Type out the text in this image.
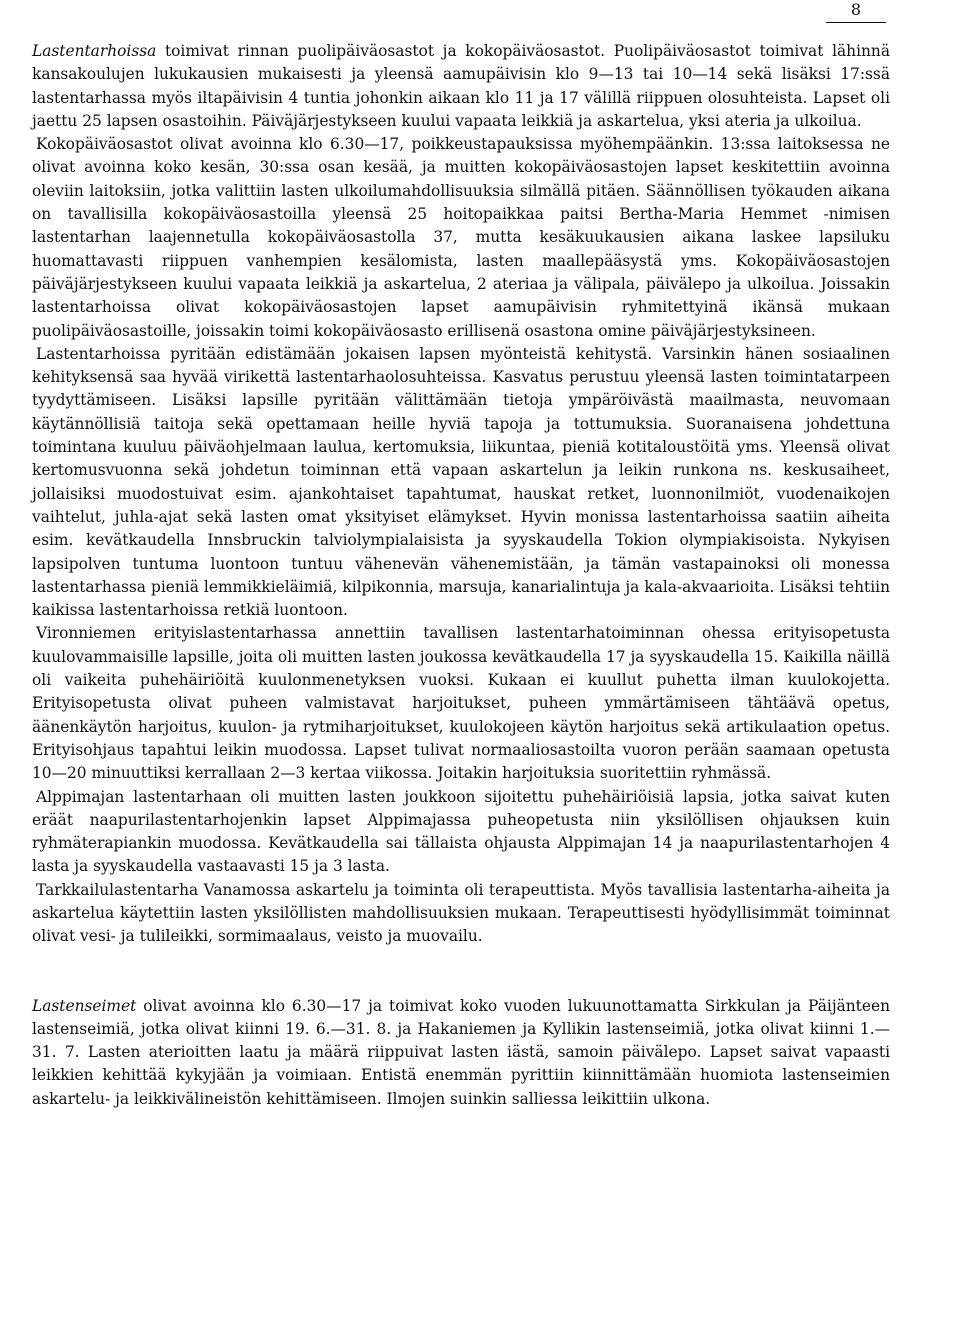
8

Lastentarhoissa toimivat rinnan puolipäiväosastot ja kokopäiväosastot. Puolipäiväosastot toimivat lähinnä kansakoulujen lukukausien mukaisesti ja yleensä aamupäivisin klo 9—13 tai 10—14 sekä lisäksi 17:ssä lastentarhassa myös iltapäivisin 4 tuntia johonkin aikaan klo 11 ja 17 välillä riippuen olosuhteista. Lapset oli jaettu 25 lapsen osastoihin. Päiväjärjestykseen kuului vapaata leikkiä ja askartelua, yksi ateria ja ulkoilua.

Kokopäiväosastot olivat avoinna klo 6.30—17, poikkeustapauksissa myöhempäänkin. 13:ssa laitoksessa ne olivat avoinna koko kesän, 30:ssa osan kesää, ja muitten kokopäiväosastojen lapset keskitettiin avoinna oleviin laitoksiin, jotka valittiin lasten ulkoilumahdollisuuksia silmällä pitäen. Säännöllisen työkauden aikana on tavallisilla kokopäiväosastoilla yleensä 25 hoitopaikkaa paitsi Bertha-Maria Hemmet -nimisen lastentarhan laajennetulla kokopäiväosastolla 37, mutta kesäkuukausien aikana laskee lapsiluku huomattavasti riippuen vanhempien kesälomista, lasten maallepääsystä yms. Kokopäiväosastojen päiväjärjestykseen kuului vapaata leikkiä ja askartelua, 2 ateriaa ja välipala, päivälepo ja ulkoilua. Joissakin lastentarhoissa olivat kokopäiväosastojen lapset aamupäivisin ryhmitettyinä ikänsä mukaan puolipäiväosastoille, joissakin toimi kokopäiväosasto erillisenä osastona omine päiväjärjestyksineen.

Lastentarhoissa pyritään edistämään jokaisen lapsen myönteistä kehitystä. Varsinkin hänen sosiaalinen kehityksensä saa hyvää virikettä lastentarhaolosuhteissa. Kasvatus perustuu yleensä lasten toimintatarpeen tyydyttämiseen. Lisäksi lapsille pyritään välittämään tietoja ympäröivästä maailmasta, neuvomaan käytännöllisiä taitoja sekä opettamaan heille hyviä tapoja ja tottumuksia. Suoranaisena johdettuna toimintana kuuluu päiväohjelmaan laulua, kertomuksia, liikuntaa, pieniä kotitaloustöitä yms. Yleensä olivat kertomusvuonna sekä johdetun toiminnan että vapaan askartelun ja leikin runkona ns. keskusaiheet, jollaisiksi muodostuivat esim. ajankohtaiset tapahtumat, hauskat retket, luonnonilmiöt, vuodenaikojen vaihtelut, juhla-ajat sekä lasten omat yksityiset elämykset. Hyvin monissa lastentarhoissa saatiin aiheita esim. kevätkaudella Innsbruckin talviolympialaisista ja syyskaudella Tokion olympiakisoista. Nykyisen lapsipolven tuntuma luontoon tuntuu vähenevän vähenemistään, ja tämän vastapainoksi oli monessa lastentarhassa pieniä lemmikkieläimiä, kilpikonnia, marsuja, kanarialintuja ja kala-akvaarioita. Lisäksi tehtiin kaikissa lastentarhoissa retkiä luontoon.

Vironniemen erityislastentarhassa annettiin tavallisen lastentarhatoiminnan ohessa erityisopetusta kuulovammaisille lapsille, joita oli muitten lasten joukossa kevätkaudella 17 ja syyskaudella 15. Kaikilla näillä oli vaikeita puhehäiriöitä kuulonmenetyksen vuoksi. Kukaan ei kuullut puhetta ilman kuulokojetta. Erityisopetusta olivat puheen valmistavat harjoitukset, puheen ymmärtämiseen tähtäävä opetus, äänenkäytön harjoitus, kuulon- ja rytmiharjoitukset, kuulokojeen käytön harjoitus sekä artikulaation opetus. Erityisohjaus tapahtui leikin muodossa. Lapset tulivat normaaliosastoilta vuoron perään saamaan opetusta 10—20 minuuttiksi kerrallaan 2—3 kertaa viikossa. Joitakin harjoituksia suoritettiin ryhmässä.

Alppimajan lastentarhaan oli muitten lasten joukkoon sijoitettu puhehäiriöisiä lapsia, jotka saivat kuten eräät naapurilastentarhojenkin lapset Alppimajassa puheopetusta niin yksilöllisen ohjauksen kuin ryhmäterapiankin muodossa. Kevätkaudella sai tällaista ohjausta Alppimajan 14 ja naapurilastentarhojen 4 lasta ja syyskaudella vastaavasti 15 ja 3 lasta.

Tarkkailulastentarha Vanamossa askartelu ja toiminta oli terapeuttista. Myös tavallisia lastentarha-aiheita ja askartelua käytettiin lasten yksilöllisten mahdollisuuksien mukaan. Terapeuttisesti hyödyllisimmät toiminnat olivat vesi- ja tulileikki, sormimaalaus, veisto ja muovailu.

Lastenseimet olivat avoinna klo 6.30—17 ja toimivat koko vuoden lukuunottamatta Sirkkulan ja Päijänteen lastenseimiä, jotka olivat kiinni 19. 6.—31. 8. ja Hakaniemen ja Kyllikin lastenseimiä, jotka olivat kiinni 1.—31. 7. Lasten aterioitten laatu ja määrä riippuivat lasten iästä, samoin päivälepo. Lapset saivat vapaasti leikkien kehittää kykyjään ja voimiaan. Entistä enemmän pyrittiin kiinnittämään huomiota lastenseimien askartelu- ja leikkivälineistön kehittämiseen. Ilmojen suinkin salliessa leikittiin ulkona.
